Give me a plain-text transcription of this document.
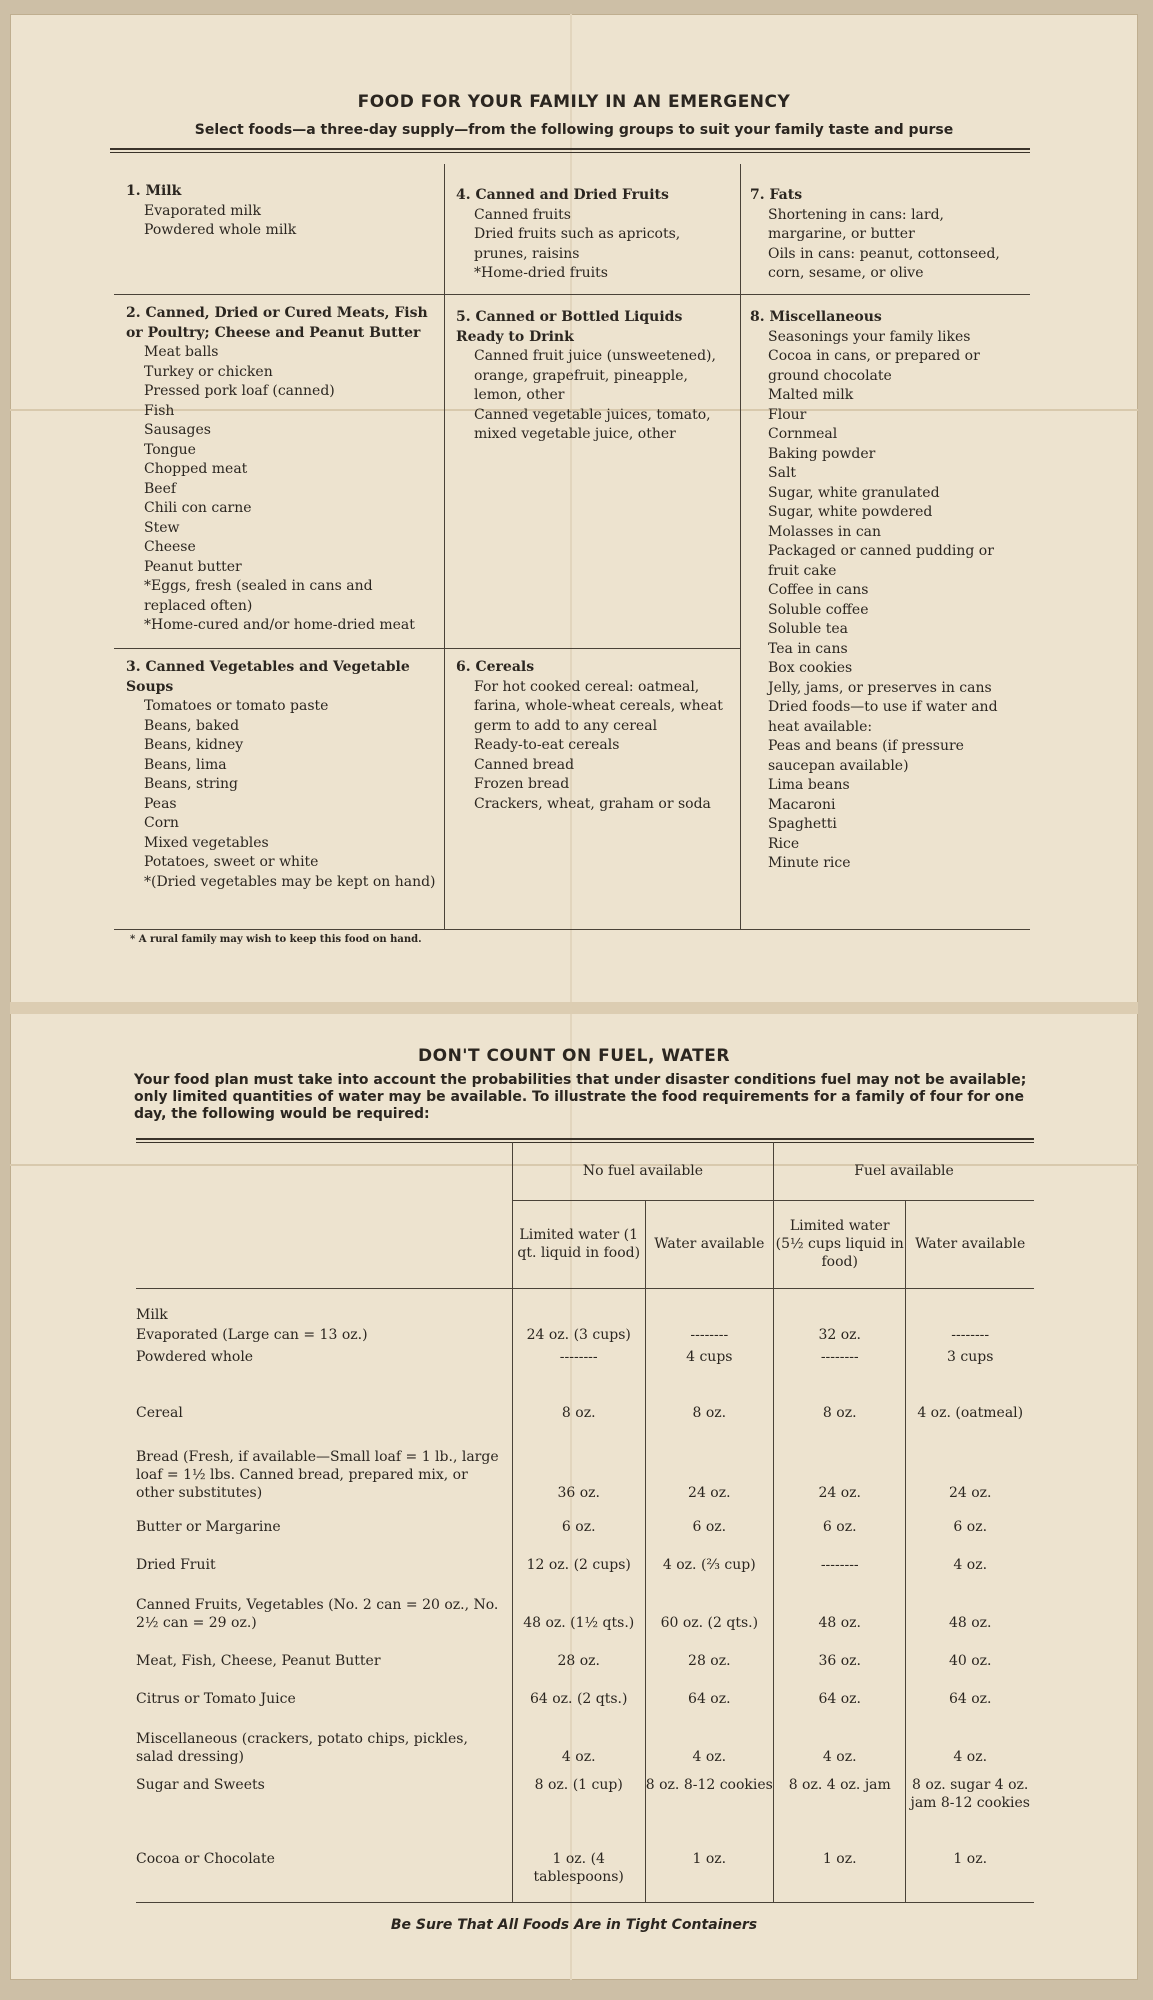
FOOD FOR YOUR FAMILY IN AN EMERGENCY
Select foods—a three-day supply—from the following groups to suit your family taste and purse
1. Milk
Evaporated milk
Powdered whole milk
2. Canned, Dried or Cured Meats, Fish or Poultry; Cheese and Peanut Butter
Meat balls
Turkey or chicken
Pressed pork loaf (canned)
Fish
Sausages
Tongue
Chopped meat
Beef
Chili con carne
Stew
Cheese
Peanut butter
*Eggs, fresh (sealed in cans and replaced often)
*Home-cured and/or home-dried meat
3. Canned Vegetables and Vegetable Soups
Tomatoes or tomato paste
Beans, baked
Beans, kidney
Beans, lima
Beans, string
Peas
Corn
Mixed vegetables
Potatoes, sweet or white
*(Dried vegetables may be kept on hand)
4. Canned and Dried Fruits
Canned fruits
Dried fruits such as apricots, prunes, raisins
*Home-dried fruits
5. Canned or Bottled Liquids Ready to Drink
Canned fruit juice (unsweetened), orange, grapefruit, pineapple, lemon, other
Canned vegetable juices, tomato, mixed vegetable juice, other
6. Cereals
For hot cooked cereal: oatmeal, farina, whole-wheat cereals, wheat germ to add to any cereal
Ready-to-eat cereals
Canned bread
Frozen bread
Crackers, wheat, graham or soda
7. Fats
Shortening in cans: lard, margarine, or butter
Oils in cans: peanut, cottonseed, corn, sesame, or olive
8. Miscellaneous
Seasonings your family likes
Cocoa in cans, or prepared or ground chocolate
Malted milk
Flour
Cornmeal
Baking powder
Salt
Sugar, white granulated
Sugar, white powdered
Molasses in can
Packaged or canned pudding or fruit cake
Coffee in cans
Soluble coffee
Soluble tea
Tea in cans
Box cookies
Jelly, jams, or preserves in cans
Dried foods—to use if water and heat available:
Peas and beans (if pressure saucepan available)
Lima beans
Macaroni
Spaghetti
Rice
Minute rice
* A rural family may wish to keep this food on hand.
DON'T COUNT ON FUEL, WATER
Your food plan must take into account the probabilities that under disaster conditions fuel may not be available; only limited quantities of water may be available. To illustrate the food requirements for a family of four for one day, the following would be required:
	No fuel available		Fuel available	
	Limited water (1 qt. liquid in food)	Water available	Limited water (5½ cups liquid in food)	Water available
Milk				
Evaporated (Large can = 13 oz.)	24 oz. (3 cups)	--------	32 oz.	--------
Powdered whole	--------	4 cups	--------	3 cups
Cereal	8 oz.	8 oz.	8 oz.	4 oz. (oatmeal)
Bread (Fresh, if available—Small loaf = 1 lb., large loaf = 1½ lbs. Canned bread, prepared mix, or other substitutes)	36 oz.	24 oz.	24 oz.	24 oz.
Butter or Margarine	6 oz.	6 oz.	6 oz.	6 oz.
Dried Fruit	12 oz. (2 cups)	4 oz. (⅔ cup)	--------	4 oz.
Canned Fruits, Vegetables (No. 2 can = 20 oz., No. 2½ can = 29 oz.)	48 oz. (1½ qts.)	60 oz. (2 qts.)	48 oz.	48 oz.
Meat, Fish, Cheese, Peanut Butter	28 oz.	28 oz.	36 oz.	40 oz.
Citrus or Tomato Juice	64 oz. (2 qts.)	64 oz.	64 oz.	64 oz.
Miscellaneous (crackers, potato chips, pickles, salad dressing)	4 oz.	4 oz.	4 oz.	4 oz.
Sugar and Sweets	8 oz. (1 cup)	8 oz. 8-12 cookies	8 oz. 4 oz. jam	8 oz. sugar 4 oz. jam 8-12 cookies
Cocoa or Chocolate	1 oz. (4 tablespoons)	1 oz.	1 oz.	1 oz.
Be Sure That All Foods Are in Tight Containers
